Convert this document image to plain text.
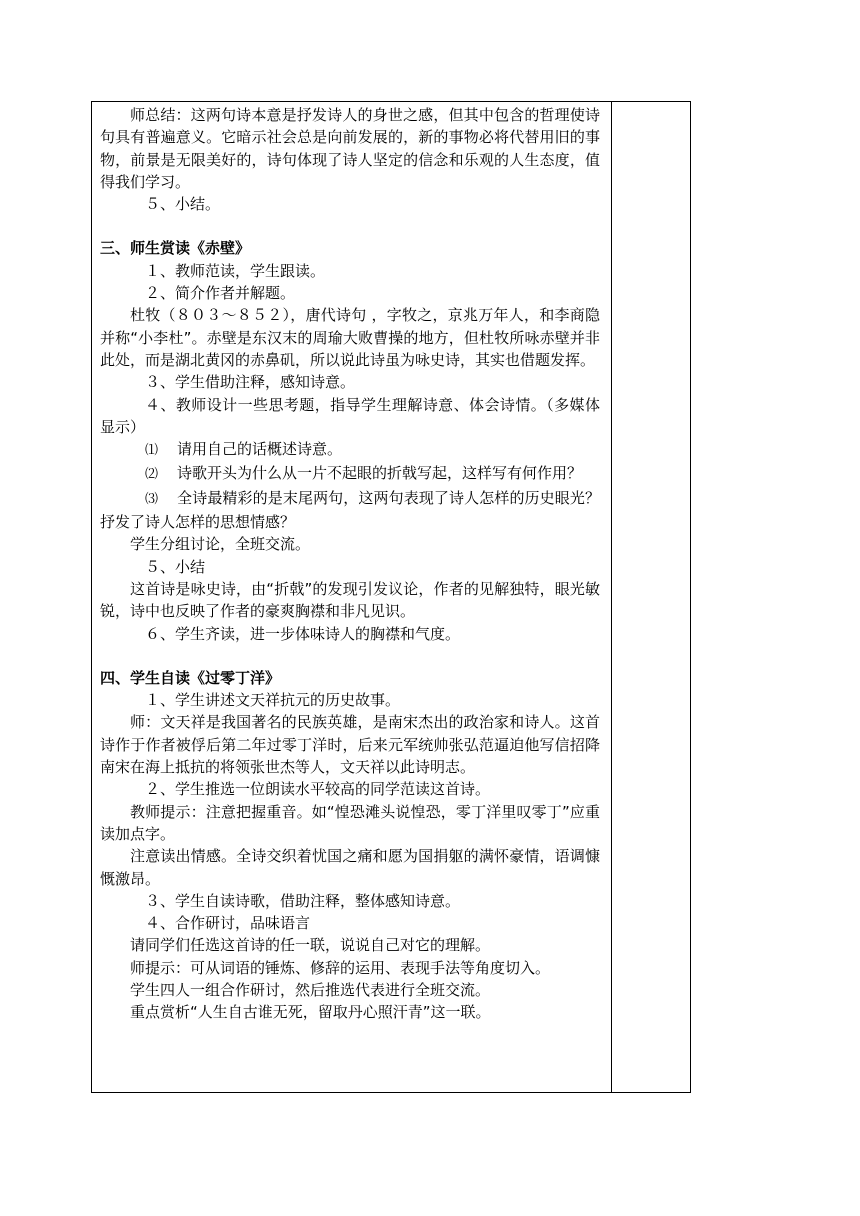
师总结：这两句诗本意是抒发诗人的身世之感，但其中包含的哲理使诗句具有普遍意义。它暗示社会总是向前发展的，新的事物必将代替用旧的事物，前景是无限美好的，诗句体现了诗人坚定的信念和乐观的人生态度，值得我们学习。

５、小结。

三、师生赏读《赤壁》

１、教师范读，学生跟读。

２、简介作者并解题。

杜牧（８０３～８５２），唐代诗句 ，字牧之，京兆万年人，和李商隐并称“小李杜”。赤壁是东汉末的周瑜大败曹操的地方，但杜牧所咏赤壁并非此处，而是湖北黄冈的赤鼻矶，所以说此诗虽为咏史诗，其实也借题发挥。

３、学生借助注释，感知诗意。

４、教师设计一些思考题，指导学生理解诗意、体会诗情。（多媒体显示）

⑴ 请用自己的话概述诗意。

⑵ 诗歌开头为什么从一片不起眼的折戟写起，这样写有何作用？

⑶ 全诗最精彩的是末尾两句，这两句表现了诗人怎样的历史眼光？抒发了诗人怎样的思想情感？

学生分组讨论，全班交流。

５、小结

这首诗是咏史诗，由“折戟”的发现引发议论，作者的见解独特，眼光敏锐，诗中也反映了作者的豪爽胸襟和非凡见识。

６、学生齐读，进一步体味诗人的胸襟和气度。

四、学生自读《过零丁洋》

１、学生讲述文天祥抗元的历史故事。

师：文天祥是我国著名的民族英雄，是南宋杰出的政治家和诗人。这首诗作于作者被俘后第二年过零丁洋时，后来元军统帅张弘范逼迫他写信招降南宋在海上抵抗的将领张世杰等人，文天祥以此诗明志。

２、学生推选一位朗读水平较高的同学范读这首诗。

教师提示：注意把握重音。如“惶恐滩头说惶恐，零丁洋里叹零丁”应重读加点字。

注意读出情感。全诗交织着忧国之痛和愿为国捐躯的满怀豪情，语调慷慨激昂。

３、学生自读诗歌，借助注释，整体感知诗意。

４、合作研讨，品味语言

请同学们任选这首诗的任一联，说说自己对它的理解。

师提示：可从词语的锤炼、修辞的运用、表现手法等角度切入。

学生四人一组合作研讨，然后推选代表进行全班交流。

重点赏析“人生自古谁无死，留取丹心照汗青”这一联。
